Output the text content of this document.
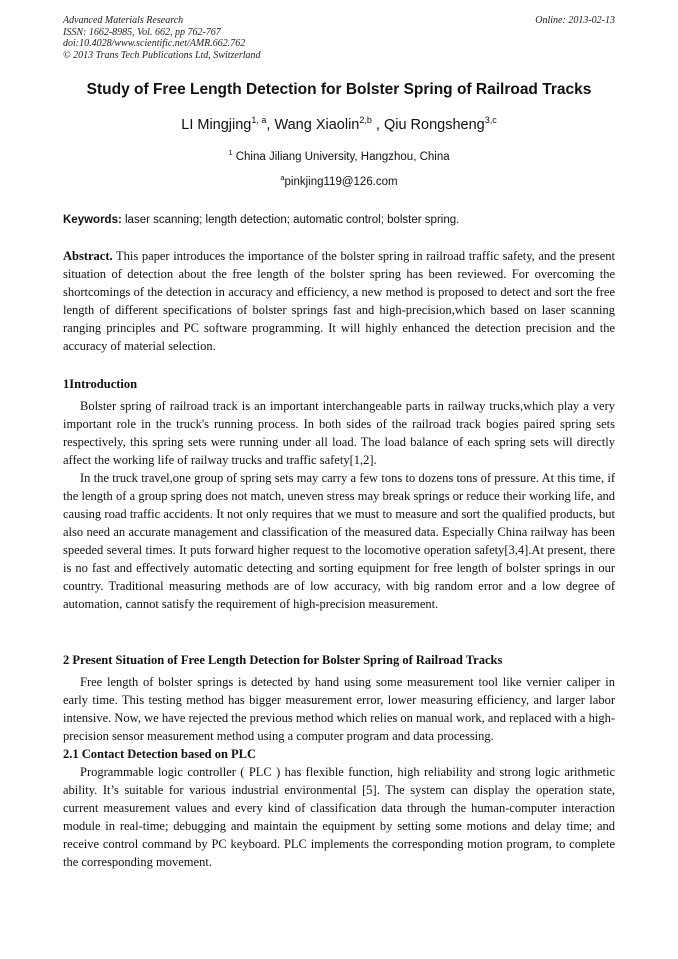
Advanced Materials Research
ISSN: 1662-8985, Vol. 662, pp 762-767
doi:10.4028/www.scientific.net/AMR.662.762
© 2013 Trans Tech Publications Ltd, Switzerland
Online: 2013-02-13
Study of Free Length Detection for Bolster Spring of Railroad Tracks
LI Mingjing$^{1, a}$, Wang Xiaolin$^{2,b}$ , Qiu Rongsheng$^{3,c}$
$^1$ China Jiliang University, Hangzhou, China
$^a$pinkjing119@126.com
Keywords: laser scanning; length detection; automatic control; bolster spring.
Abstract. This paper introduces the importance of the bolster spring in railroad traffic safety, and the present situation of detection about the free length of the bolster spring has been reviewed. For overcoming the shortcomings of the detection in accuracy and efficiency, a new method is proposed to detect and sort the free length of different specifications of bolster springs fast and high-precision,which based on laser scanning ranging principles and PC software programming. It will highly enhanced the detection precision and the accuracy of material selection.
1Introduction

Bolster spring of railroad track is an important interchangeable parts in railway trucks,which play a very important role in the truck's running process. In both sides of the railroad track bogies paired spring sets respectively, this spring sets were running under all load. The load balance of each spring sets will directly affect the working life of railway trucks and traffic safety[1,2].

In the truck travel,one group of spring sets may carry a few tons to dozens tons of pressure. At this time, if the length of a group spring does not match, uneven stress may break springs or reduce their working life, and causing road traffic accidents. It not only requires that we must to measure and sort the qualified products, but also need an accurate management and classification of the measured data. Especially China railway has been speeded several times. It puts forward higher request to the locomotive operation safety[3,4].At present, there is no fast and effectively automatic detecting and sorting equipment for free length of bolster springs in our country. Traditional measuring methods are of low accuracy, with big random error and a low degree of automation, cannot satisfy the requirement of high-precision measurement.

2 Present Situation of Free Length Detection for Bolster Spring of Railroad Tracks

Free length of bolster springs is detected by hand using some measurement tool like vernier caliper in early time. This testing method has bigger measurement error, lower measuring efficiency, and larger labor intensive. Now, we have rejected the previous method which relies on manual work, and replaced with a high-precision sensor measurement method using a computer program and data processing.

2.1 Contact Detection based on PLC

Programmable logic controller ( PLC ) has flexible function, high reliability and strong logic arithmetic ability. It’s suitable for various industrial environmental [5]. The system can display the operation state, current measurement values and every kind of classification data through the human-computer interaction module in real-time; debugging and maintain the equipment by setting some motions and delay time; and receive control command by PC keyboard. PLC implements the corresponding motion program, to complete the corresponding movement.
